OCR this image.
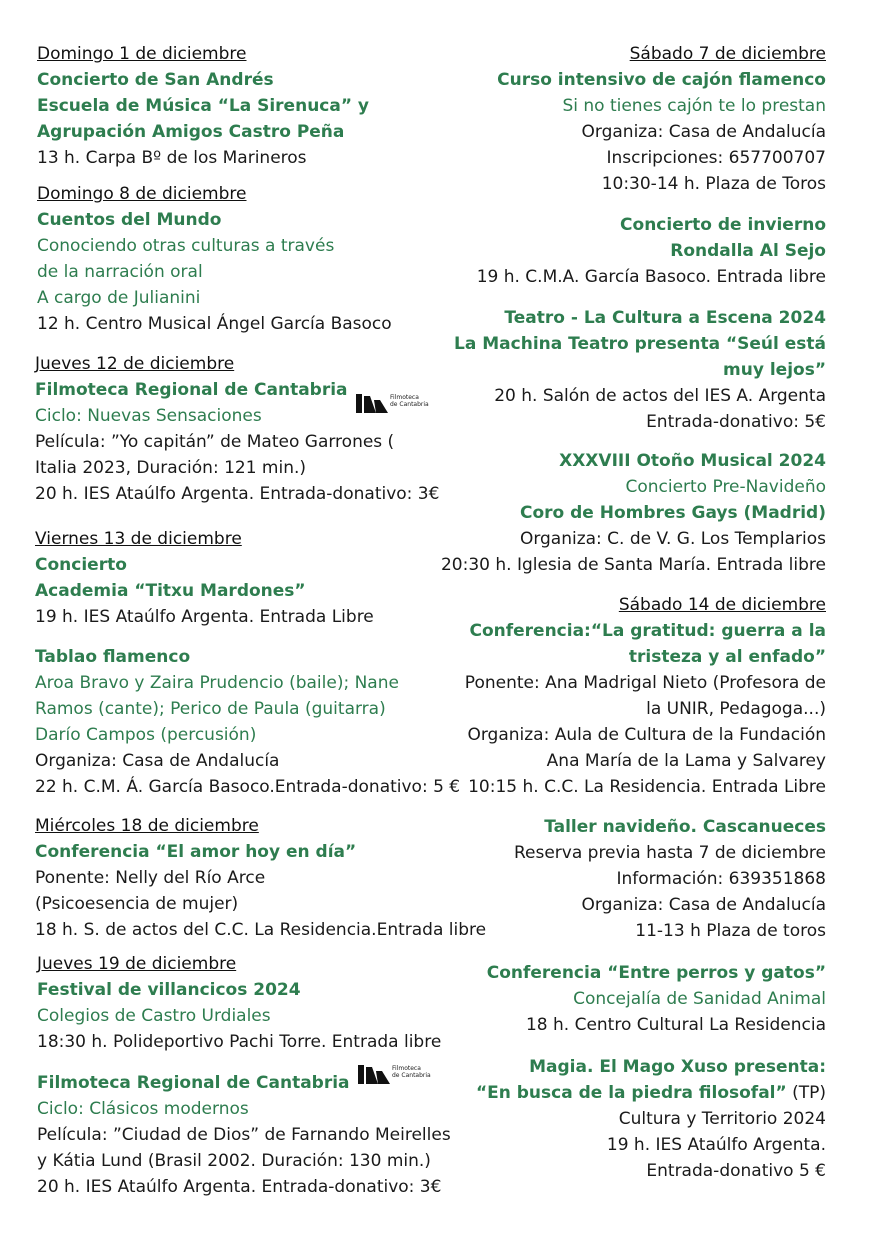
Domingo 1 de diciembre
Concierto de San Andrés
Escuela de Música “La Sirenuca” y
Agrupación Amigos Castro Peña
13 h. Carpa Bº de los Marineros
Domingo 8 de diciembre
Cuentos del Mundo
Conociendo otras culturas a través
de la narración oral
A cargo de Julianini
12 h. Centro Musical Ángel García Basoco
Jueves 12 de diciembre
Filmoteca Regional de Cantabria
Ciclo: Nuevas Sensaciones
Película: ”Yo capitán” de Mateo Garrones (
Italia 2023, Duración: 121 min.)
20 h. IES Ataúlfo Argenta. Entrada-donativo: 3€
Filmoteca
de Cantabria
Viernes 13 de diciembre
Concierto
Academia “Titxu Mardones”
19 h. IES Ataúlfo Argenta. Entrada Libre
Tablao flamenco
Aroa Bravo y Zaira Prudencio (baile); Nane
Ramos (cante); Perico de Paula (guitarra)
Darío Campos (percusión)
Organiza: Casa de Andalucía
22 h. C.M. Á. García Basoco.Entrada-donativo: 5 €
Miércoles 18 de diciembre
Conferencia “El amor hoy en día”
Ponente: Nelly del Río Arce
(Psicoesencia de mujer)
18 h. S. de actos del C.C. La Residencia.Entrada libre
Jueves 19 de diciembre
Festival de villancicos 2024
Colegios de Castro Urdiales
18:30 h. Polideportivo Pachi Torre. Entrada libre
Filmoteca Regional de Cantabria
Ciclo: Clásicos modernos
Película: ”Ciudad de Dios” de Farnando Meirelles
y Kátia Lund (Brasil 2002. Duración: 130 min.)
20 h. IES Ataúlfo Argenta. Entrada-donativo: 3€
Filmoteca
de Cantabria
Sábado 7 de diciembre
Curso intensivo de cajón flamenco
Si no tienes cajón te lo prestan
Organiza: Casa de Andalucía
Inscripciones: 657700707
10:30-14 h. Plaza de Toros
Concierto de invierno
Rondalla Al Sejo
19 h. C.M.A. García Basoco. Entrada libre
Teatro - La Cultura a Escena 2024
La Machina Teatro presenta “Seúl está
muy lejos”
20 h. Salón de actos del IES A. Argenta
Entrada-donativo: 5€
XXXVIII Otoño Musical 2024
Concierto Pre-Navideño
Coro de Hombres Gays (Madrid)
Organiza: C. de V. G. Los Templarios
20:30 h. Iglesia de Santa María. Entrada libre
Sábado 14 de diciembre
Conferencia:“La gratitud: guerra a la
tristeza y al enfado”
Ponente: Ana Madrigal Nieto (Profesora de
la UNIR, Pedagoga...)
Organiza: Aula de Cultura de la Fundación
Ana María de la Lama y Salvarey
10:15 h. C.C. La Residencia. Entrada Libre
Taller navideño. Cascanueces
Reserva previa hasta 7 de diciembre
Información: 639351868
Organiza: Casa de Andalucía
11-13 h Plaza de toros
Conferencia “Entre perros y gatos”
Concejalía de Sanidad Animal
18 h. Centro Cultural La Residencia
Magia. El Mago Xuso presenta:
“En busca de la piedra filosofal” (TP)
Cultura y Territorio 2024
19 h. IES Ataúlfo Argenta.
Entrada-donativo 5 €
